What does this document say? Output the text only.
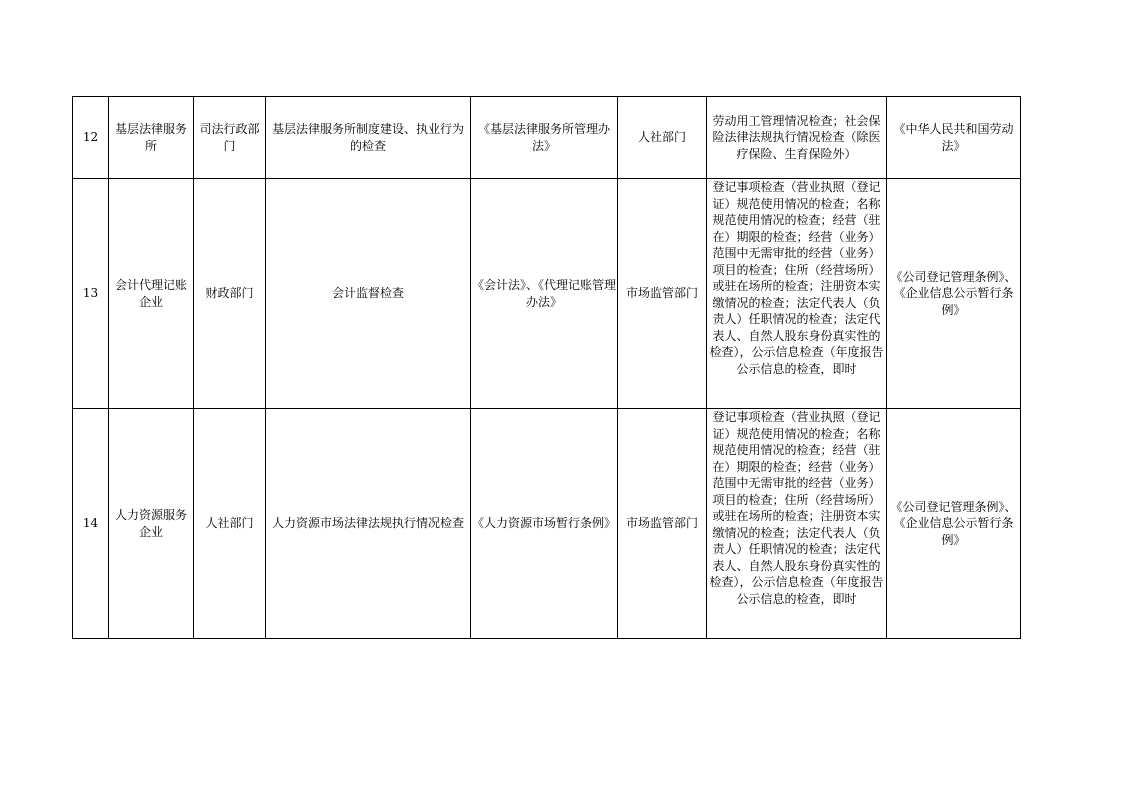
12	基层法律服务所	司法行政部门	基层法律服务所制度建设、执业行为的检查	《基层法律服务所管理办法》	人社部门	劳动用工管理情况检查；社会保险法律法规执行情况检查（除医疗保险、生育保险外）	《中华人民共和国劳动法》
13	会计代理记账企业	财政部门	会计监督检查	《会计法》、《代理记账管理办法》	市场监管部门	登记事项检查（营业执照（登记证）规范使用情况的检查；名称规范使用情况的检查；经营（驻在）期限的检查；经营（业务）范围中无需审批的经营（业务）项目的检查；住所（经营场所）或驻在场所的检查；注册资本实缴情况的检查；法定代表人（负责人）任职情况的检查；法定代表人、自然人股东身份真实性的检查），公示信息检查（年度报告公示信息的检查，即时	《公司登记管理条例》、《企业信息公示暂行条例》
14	人力资源服务企业	人社部门	人力资源市场法律法规执行情况检查	《人力资源市场暂行条例》	市场监管部门	登记事项检查（营业执照（登记证）规范使用情况的检查；名称规范使用情况的检查；经营（驻在）期限的检查；经营（业务）范围中无需审批的经营（业务）项目的检查；住所（经营场所）或驻在场所的检查；注册资本实缴情况的检查；法定代表人（负责人）任职情况的检查；法定代表人、自然人股东身份真实性的检查），公示信息检查（年度报告公示信息的检查，即时	《公司登记管理条例》、《企业信息公示暂行条例》
